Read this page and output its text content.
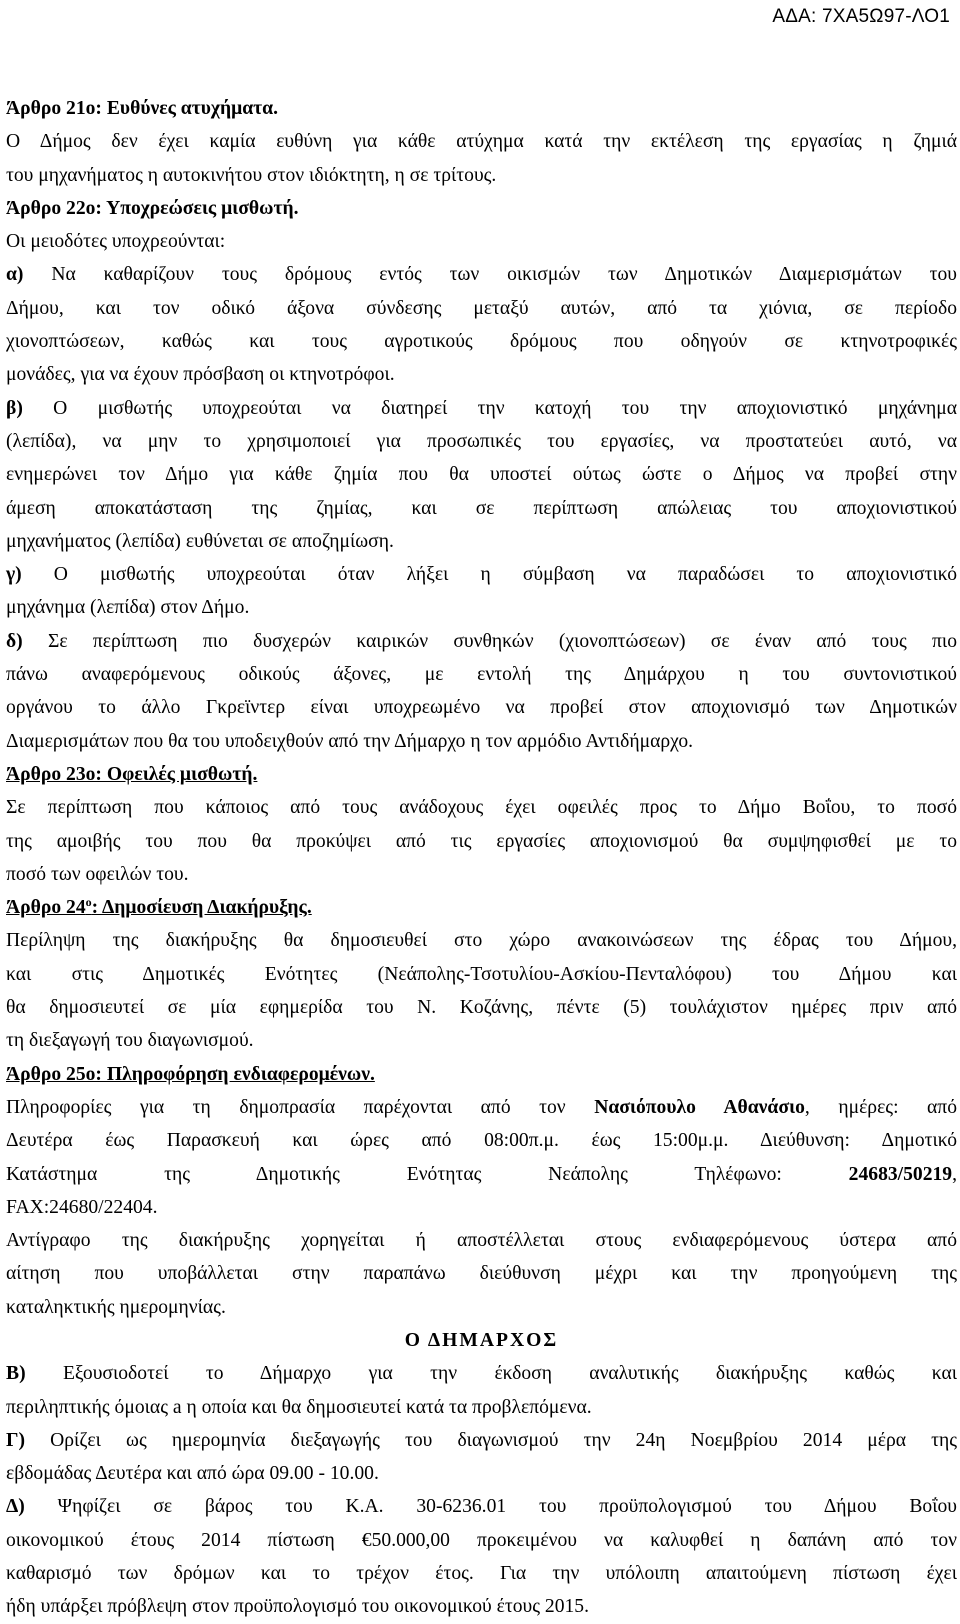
ΑΔΑ: 7ΧΑ5Ω97-ΛΟ1
Άρθρο 21ο: Ευθύνες ατυχήματα.
Ο Δήμος δεν έχει καμία ευθύνη για κάθε ατύχημα κατά την εκτέλεση της εργασίας η ζημιά
του μηχανήματος η αυτοκινήτου στον ιδιόκτητη, η σε τρίτους.
Άρθρο 22ο: Υποχρεώσεις μισθωτή.
Οι μειοδότες υποχρεούνται:
α) Να καθαρίζουν τους δρόμους εντός των οικισμών των Δημοτικών Διαμερισμάτων του
Δήμου, και τον οδικό άξονα σύνδεσης μεταξύ αυτών, από τα χιόνια, σε περίοδο
χιονοπτώσεων, καθώς και τους αγροτικούς δρόμους που οδηγούν σε κτηνοτροφικές
μονάδες, για να έχουν πρόσβαση οι κτηνοτρόφοι.
β) Ο μισθωτής υποχρεούται να διατηρεί την κατοχή του την αποχιονιστικό μηχάνημα
(λεπίδα), να μην το χρησιμοποιεί για προσωπικές του εργασίες, να προστατεύει αυτό, να
ενημερώνει τον Δήμο για κάθε ζημία που θα υποστεί ούτως ώστε ο Δήμος να προβεί στην
άμεση αποκατάσταση της ζημίας, και σε περίπτωση απώλειας του αποχιονιστικού
μηχανήματος (λεπίδα) ευθύνεται σε αποζημίωση.
γ) Ο μισθωτής υποχρεούται όταν λήξει η σύμβαση να παραδώσει το αποχιονιστικό
μηχάνημα (λεπίδα) στον Δήμο.
δ) Σε περίπτωση πιο δυσχερών καιρικών συνθηκών (χιονοπτώσεων) σε έναν από τους πιο
πάνω αναφερόμενους οδικούς άξονες, με εντολή της Δημάρχου η του συντονιστικού
οργάνου το άλλο Γκρεϊντερ είναι υποχρεωμένο να προβεί στον αποχιονισμό των Δημοτικών
Διαμερισμάτων που θα του υποδειχθούν από την Δήμαρχο η τον αρμόδιο Αντιδήμαρχο.
Άρθρο 23ο: Οφειλές μισθωτή.
Σε περίπτωση που κάποιος από τους ανάδοχους έχει οφειλές προς το Δήμο Βοΐου, το ποσό
της αμοιβής του που θα προκύψει από τις εργασίες αποχιονισμού θα συμψηφισθεί με το
ποσό των οφειλών του.
Άρθρο $24^o$: Δημοσίευση Διακήρυξης.
Περίληψη της διακήρυξης θα δημοσιευθεί στο χώρο ανακοινώσεων της έδρας του Δήμου,
και στις Δημοτικές Ενότητες (Νεάπολης-Τσοτυλίου-Ασκίου-Πενταλόφου) του Δήμου και
θα δημοσιευτεί σε μία εφημερίδα του Ν. Κοζάνης, πέντε (5) τουλάχιστον ημέρες πριν από
τη διεξαγωγή του διαγωνισμού.
Άρθρο 25ο: Πληροφόρηση ενδιαφερομένων.
Πληροφορίες για τη δημοπρασία παρέχονται από τον Νασιόπουλο Αθανάσιο, ημέρες: από
Δευτέρα έως Παρασκευή και ώρες από 08:00π.μ. έως 15:00μ.μ. Διεύθυνση: Δημοτικό
Κατάστημα της Δημοτικής Ενότητας Νεάπολης Τηλέφωνο: 24683/50219,
FAX:24680/22404.
Αντίγραφο της διακήρυξης χορηγείται ή αποστέλλεται στους ενδιαφερόμενους ύστερα από
αίτηση που υποβάλλεται στην παραπάνω διεύθυνση μέχρι και την προηγούμενη της
καταληκτικής ημερομηνίας.
Ο ΔΗΜΑΡΧΟΣ
Β) Εξουσιοδοτεί το Δήμαρχο για την έκδοση αναλυτικής διακήρυξης καθώς και
περιληπτικής όμοιας a η οποία και θα δημοσιευτεί κατά τα προβλεπόμενα.
Γ) Ορίζει ως ημερομηνία διεξαγωγής του διαγωνισμού την 24η Νοεμβρίου 2014 μέρα της
εβδομάδας Δευτέρα και από ώρα 09.00 - 10.00.
Δ) Ψηφίζει σε βάρος του Κ.Α. 30-6236.01 του προϋπολογισμού του Δήμου Βοΐου
οικονομικού έτους 2014 πίστωση €50.000,00 προκειμένου να καλυφθεί η δαπάνη από τον
καθαρισμό των δρόμων και το τρέχον έτος. Για την υπόλοιπη απαιτούμενη πίστωση έχει
ήδη υπάρξει πρόβλεψη στον προϋπολογισμό του οικονομικού έτους 2015.
